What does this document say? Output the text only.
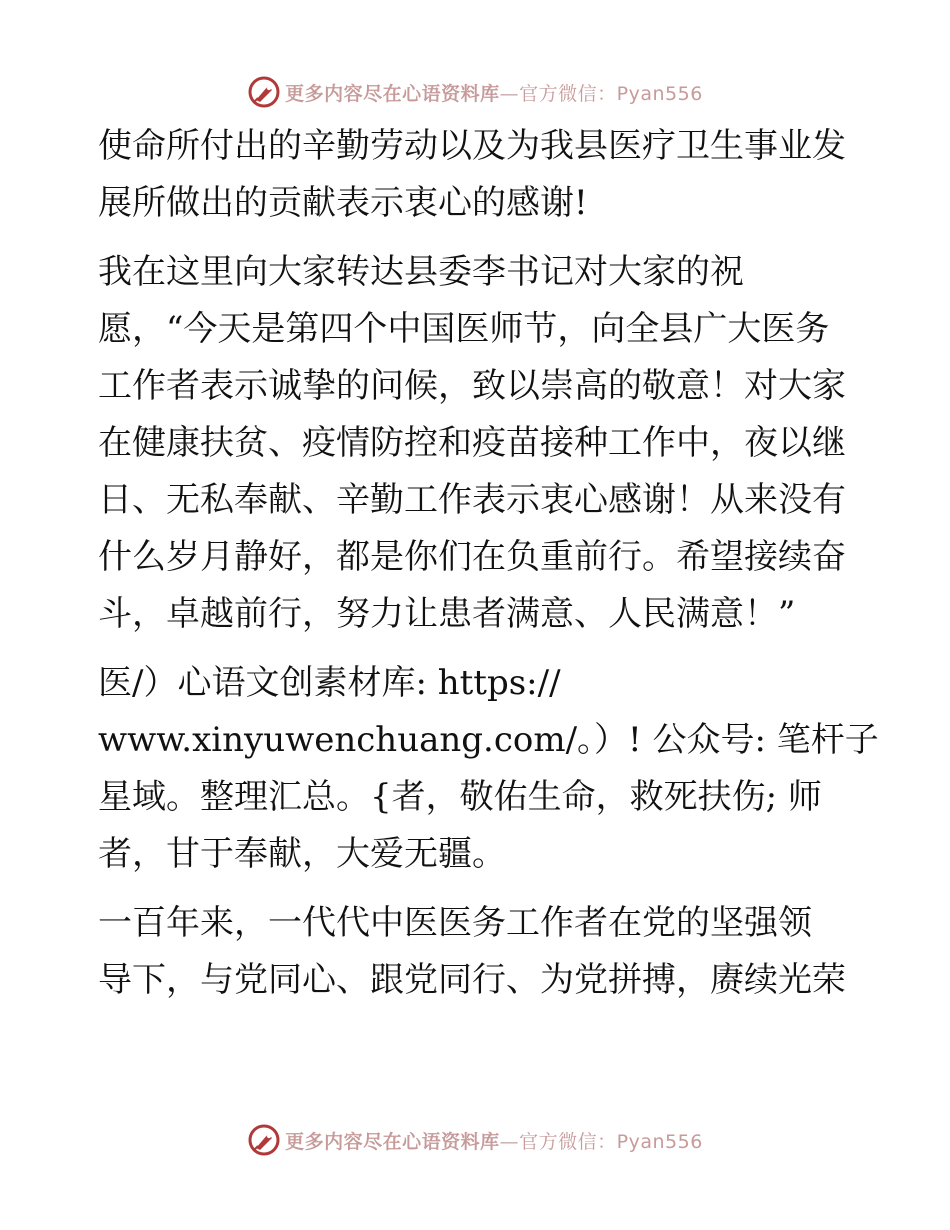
更多内容尽在心语资料库—官方微信：Pyan556
使命所付出的辛勤劳动以及为我县医疗卫生事业发
展所做出的贡献表示衷心的感谢!
我在这里向大家转达县委李书记对大家的祝
愿，“今天是第四个中国医师节，向全县广大医务
工作者表示诚挚的问候，致以崇高的敬意！对大家
在健康扶贫、疫情防控和疫苗接种工作中，夜以继
日、无私奉献、辛勤工作表示衷心感谢！从来没有
什么岁月静好，都是你们在负重前行。希望接续奋
斗，卓越前行，努力让患者满意、人民满意！”
医/）心语文创素材库: https://
www.xinyuwenchuang.com/。）! 公众号: 笔杆子
星域。整理汇总。{者，敬佑生命，救死扶伤; 师
者，甘于奉献，大爱无疆。
一百年来，一代代中医医务工作者在党的坚强领
导下，与党同心、跟党同行、为党拼搏，赓续光荣
更多内容尽在心语资料库—官方微信：Pyan556
